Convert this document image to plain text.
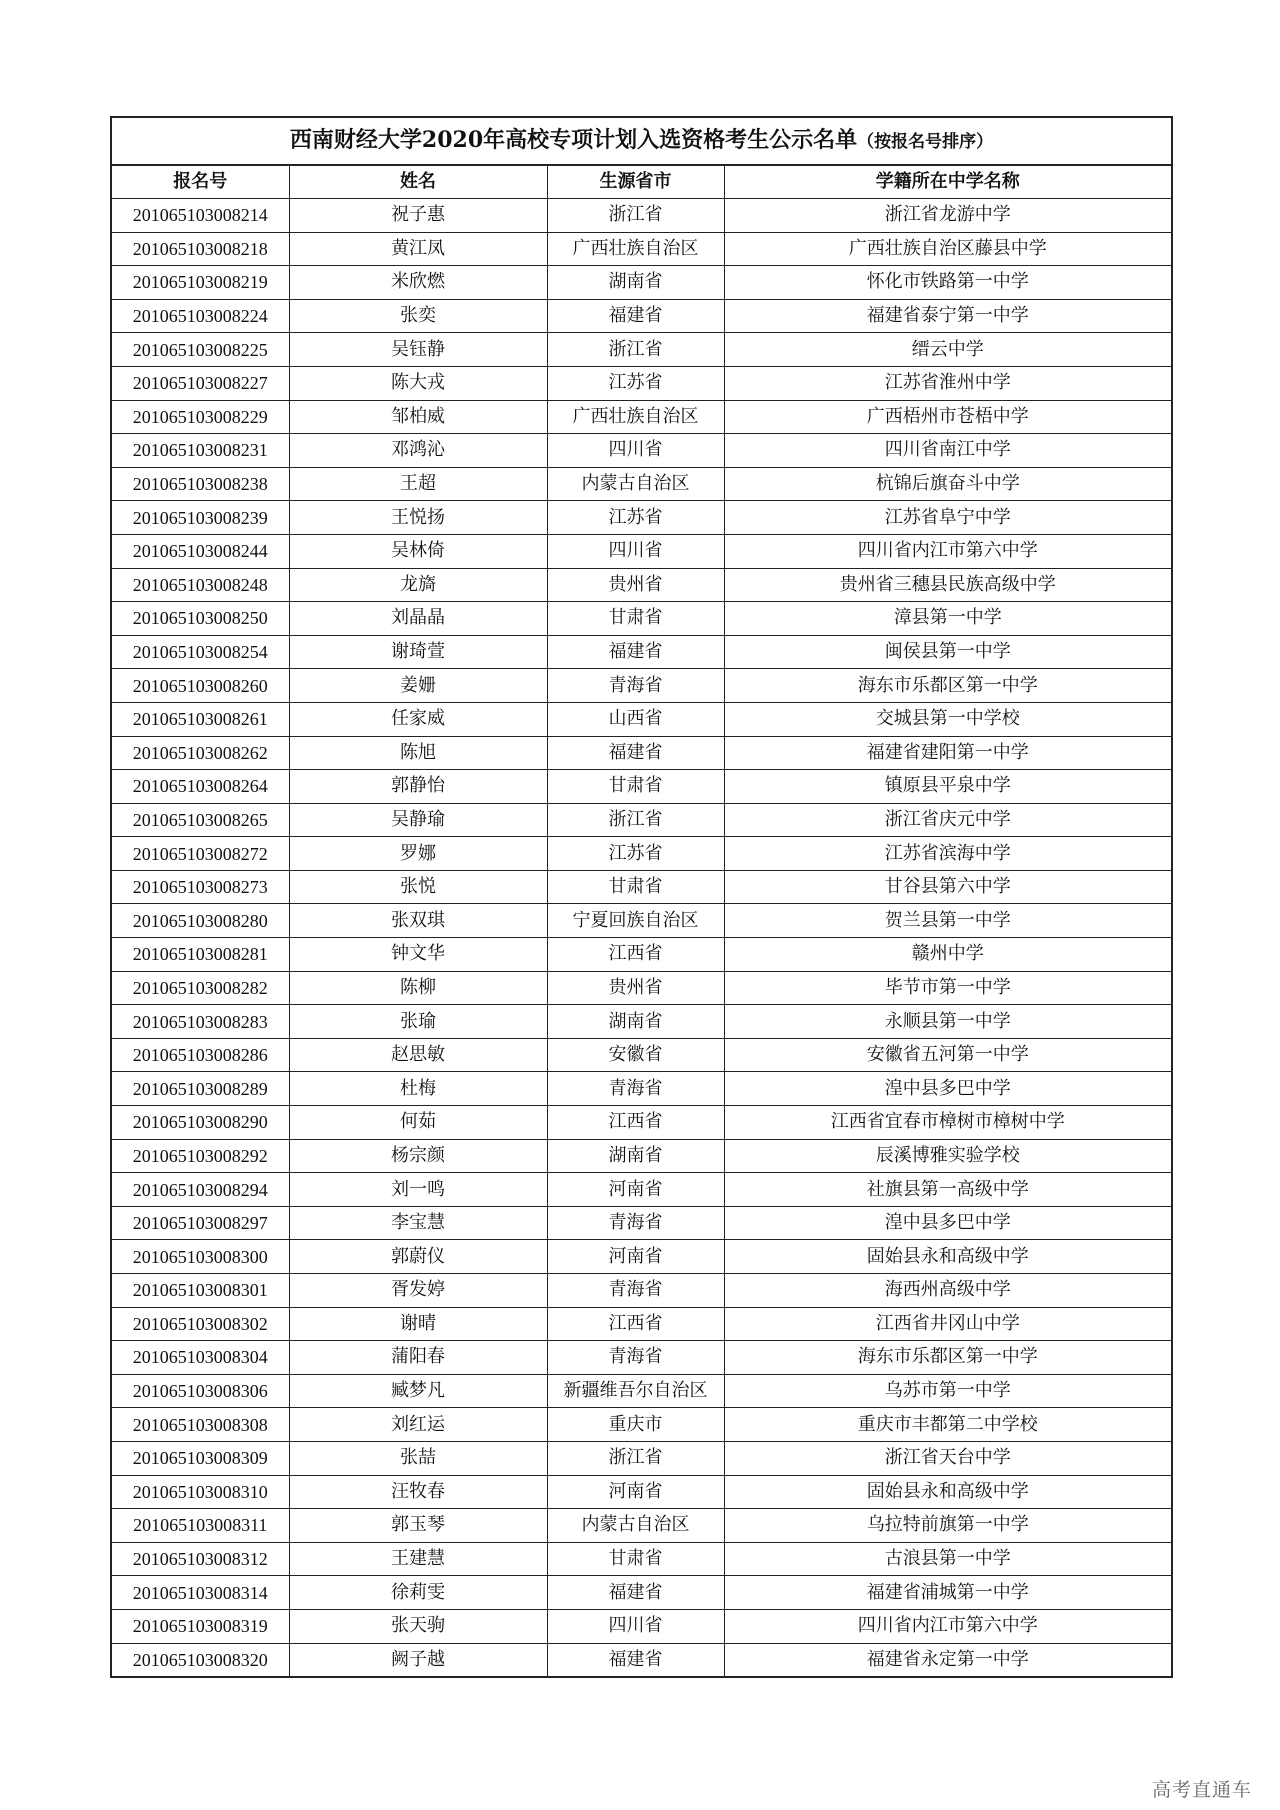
西南财经大学2020年高校专项计划入选资格考生公示名单（按报名号排序）			
报名号	姓名	生源省市	学籍所在中学名称
201065103008214	祝子惠	浙江省	浙江省龙游中学
201065103008218	黄江凤	广西壮族自治区	广西壮族自治区藤县中学
201065103008219	米欣燃	湖南省	怀化市铁路第一中学
201065103008224	张奕	福建省	福建省泰宁第一中学
201065103008225	吴钰静	浙江省	缙云中学
201065103008227	陈大戎	江苏省	江苏省淮州中学
201065103008229	邹柏威	广西壮族自治区	广西梧州市苍梧中学
201065103008231	邓鸿沁	四川省	四川省南江中学
201065103008238	王超	内蒙古自治区	杭锦后旗奋斗中学
201065103008239	王悦扬	江苏省	江苏省阜宁中学
201065103008244	吴林倚	四川省	四川省内江市第六中学
201065103008248	龙旖	贵州省	贵州省三穗县民族高级中学
201065103008250	刘晶晶	甘肃省	漳县第一中学
201065103008254	谢琦萱	福建省	闽侯县第一中学
201065103008260	姜姗	青海省	海东市乐都区第一中学
201065103008261	任家威	山西省	交城县第一中学校
201065103008262	陈旭	福建省	福建省建阳第一中学
201065103008264	郭静怡	甘肃省	镇原县平泉中学
201065103008265	吴静瑜	浙江省	浙江省庆元中学
201065103008272	罗娜	江苏省	江苏省滨海中学
201065103008273	张悦	甘肃省	甘谷县第六中学
201065103008280	张双琪	宁夏回族自治区	贺兰县第一中学
201065103008281	钟文华	江西省	赣州中学
201065103008282	陈柳	贵州省	毕节市第一中学
201065103008283	张瑜	湖南省	永顺县第一中学
201065103008286	赵思敏	安徽省	安徽省五河第一中学
201065103008289	杜梅	青海省	湟中县多巴中学
201065103008290	何茹	江西省	江西省宜春市樟树市樟树中学
201065103008292	杨宗颜	湖南省	辰溪博雅实验学校
201065103008294	刘一鸣	河南省	社旗县第一高级中学
201065103008297	李宝慧	青海省	湟中县多巴中学
201065103008300	郭蔚仪	河南省	固始县永和高级中学
201065103008301	胥发婷	青海省	海西州高级中学
201065103008302	谢晴	江西省	江西省井冈山中学
201065103008304	蒲阳春	青海省	海东市乐都区第一中学
201065103008306	臧梦凡	新疆维吾尔自治区	乌苏市第一中学
201065103008308	刘红运	重庆市	重庆市丰都第二中学校
201065103008309	张喆	浙江省	浙江省天台中学
201065103008310	汪牧春	河南省	固始县永和高级中学
201065103008311	郭玉琴	内蒙古自治区	乌拉特前旗第一中学
201065103008312	王建慧	甘肃省	古浪县第一中学
201065103008314	徐莉雯	福建省	福建省浦城第一中学
201065103008319	张天驹	四川省	四川省内江市第六中学
201065103008320	阙子越	福建省	福建省永定第一中学
高考直通车
